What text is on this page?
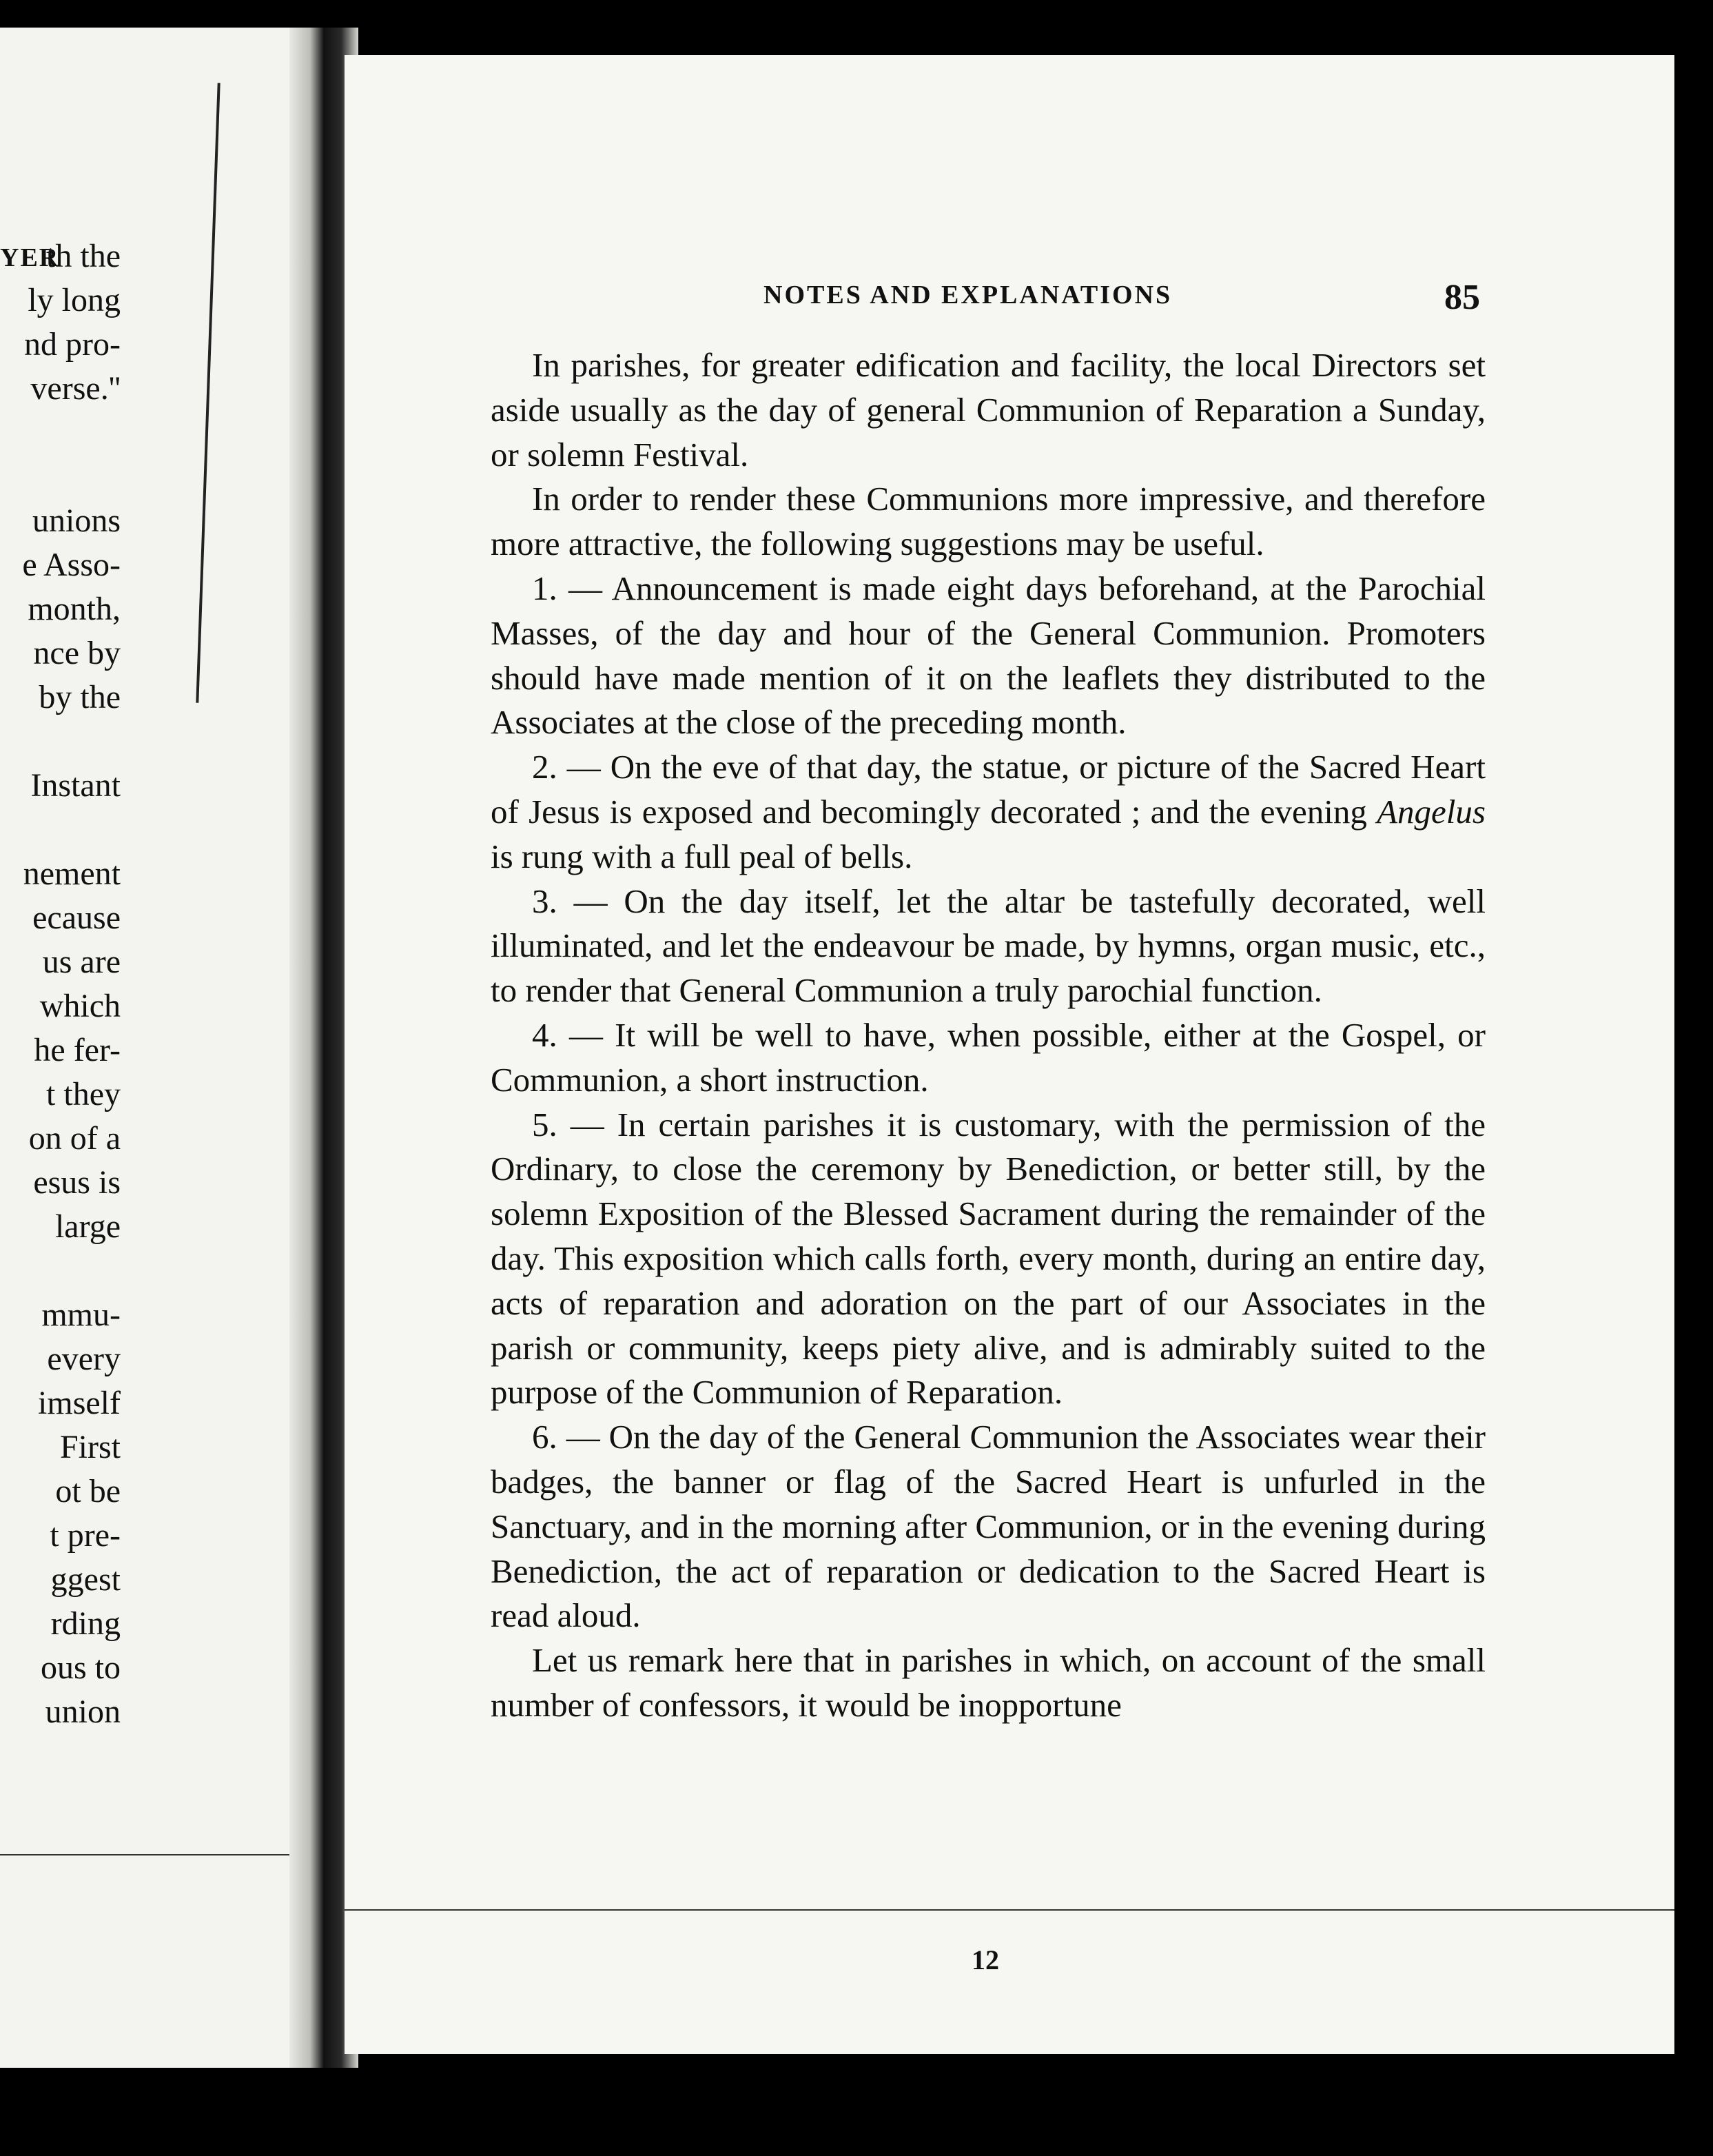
YER
th the
ly long
nd pro-
verse.''
unions
e Asso-
month,
nce by
by the
Instant
nement
ecause
us are
which
he fer-
t they
on of a
esus is
large
mmu-
every
imself
First
ot be
t pre-
ggest
rding
ous to
union
NOTES AND EXPLANATIONS	85

In parishes, for greater edification and facility, the local Directors set aside usually as the day of general Communion of Reparation a Sunday, or solemn Festival.

In order to render these Communions more impressive, and therefore more attractive, the following suggestions may be useful.

1. — Announcement is made eight days beforehand, at the Parochial Masses, of the day and hour of the General Communion. Promoters should have made mention of it on the leaflets they distributed to the Associates at the close of the preceding month.

2. — On the eve of that day, the statue, or picture of the Sacred Heart of Jesus is exposed and becomingly decorated ; and the evening Angelus is rung with a full peal of bells.

3. — On the day itself, let the altar be tastefully decorated, well illuminated, and let the endeavour be made, by hymns, organ music, etc., to render that General Communion a truly parochial function.

4. — It will be well to have, when possible, either at the Gospel, or Communion, a short instruction.

5. — In certain parishes it is customary, with the permission of the Ordinary, to close the ceremony by Benediction, or better still, by the solemn Exposition of the Blessed Sacrament during the remainder of the day. This exposition which calls forth, every month, during an entire day, acts of reparation and adoration on the part of our Associates in the parish or community, keeps piety alive, and is admirably suited to the purpose of the Communion of Reparation.

6. — On the day of the General Communion the Associates wear their badges, the banner or flag of the Sacred Heart is unfurled in the Sanctuary, and in the morning after Communion, or in the evening during Benediction, the act of reparation or dedication to the Sacred Heart is read aloud.

Let us remark here that in parishes in which, on account of the small number of confessors, it would be inopportune

12
